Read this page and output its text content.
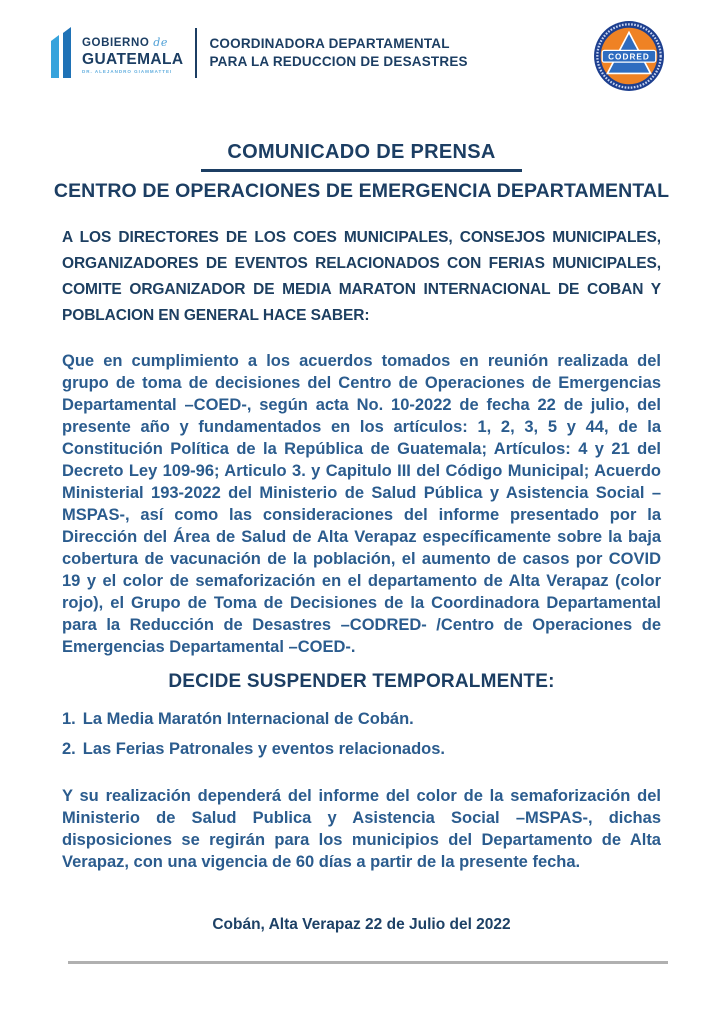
GOBIERNO de
GUATEMALA
DR. ALEJANDRO GIAMMATTEI
COORDINADORA DEPARTAMENTAL
PARA LA REDUCCION DE DESASTRES	CODRED
COMUNICADO DE PRENSA
CENTRO DE OPERACIONES DE EMERGENCIA DEPARTAMENTAL

A LOS DIRECTORES DE LOS COES MUNICIPALES, CONSEJOS MUNICIPALES, ORGANIZADORES DE EVENTOS RELACIONADOS CON FERIAS MUNICIPALES, COMITE ORGANIZADOR DE MEDIA MARATON INTERNACIONAL DE COBAN Y POBLACION EN GENERAL HACE SABER:

Que en cumplimiento a los acuerdos tomados en reunión realizada del grupo de toma de decisiones del Centro de Operaciones de Emergencias Departamental –COED-, según acta No. 10-2022 de fecha 22 de julio, del presente año y fundamentados en los artículos: 1, 2, 3, 5 y 44, de la Constitución Política de la República de Guatemala; Artículos: 4 y 21 del Decreto Ley 109-96; Articulo 3. y Capitulo III del Código Municipal; Acuerdo Ministerial 193-2022 del Ministerio de Salud Pública y Asistencia Social –MSPAS-, así como las consideraciones del informe presentado por la Dirección del Área de Salud de Alta Verapaz específicamente sobre la baja cobertura de vacunación de la población, el aumento de casos por COVID 19 y el color de semaforización en el departamento de Alta Verapaz (color rojo), el Grupo de Toma de Decisiones de la Coordinadora Departamental para la Reducción de Desastres –CODRED- /Centro de Operaciones de Emergencias Departamental –COED-.

DECIDE SUSPENDER TEMPORALMENTE:
1. La Media Maratón Internacional de Cobán.
2. Las Ferias Patronales y eventos relacionados.

Y su realización dependerá del informe del color de la semaforización del Ministerio de Salud Publica y Asistencia Social –MSPAS-, dichas disposiciones se regirán para los municipios del Departamento de Alta Verapaz, con una vigencia de 60 días a partir de la presente fecha.

Cobán, Alta Verapaz 22 de Julio del 2022
